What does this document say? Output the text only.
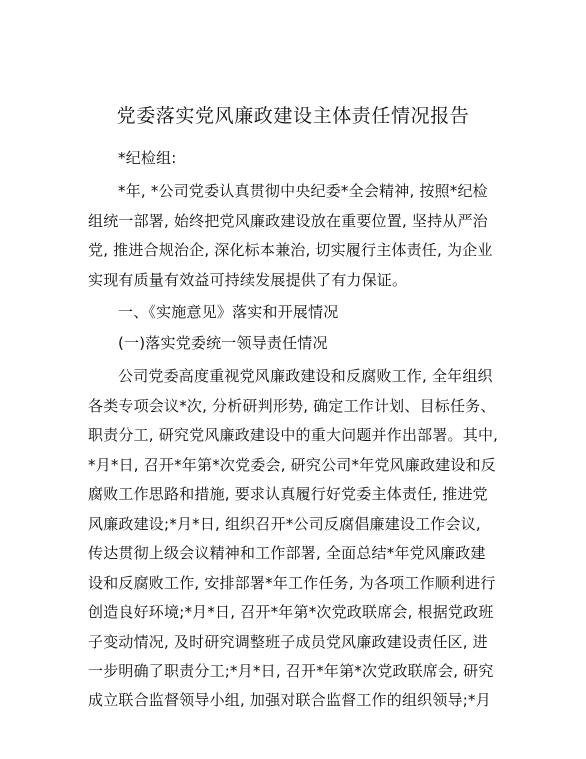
党委落实党风廉政建设主体责任情况报告
*纪检组:
*年, *公司党委认真贯彻中央纪委*全会精神, 按照*纪检
组统一部署, 始终把党风廉政建设放在重要位置, 坚持从严治
党, 推进合规治企, 深化标本兼治, 切实履行主体责任, 为企业
实现有质量有效益可持续发展提供了有力保证。
一、《实施意见》落实和开展情况
(一)落实党委统一领导责任情况
公司党委高度重视党风廉政建设和反腐败工作, 全年组织
各类专项会议*次, 分析研判形势, 确定工作计划、目标任务、
职责分工, 研究党风廉政建设中的重大问题并作出部署。其中,
*月*日, 召开*年第*次党委会, 研究公司*年党风廉政建设和反
腐败工作思路和措施, 要求认真履行好党委主体责任, 推进党
风廉政建设;*月*日, 组织召开*公司反腐倡廉建设工作会议,
传达贯彻上级会议精神和工作部署, 全面总结*年党风廉政建
设和反腐败工作, 安排部署*年工作任务, 为各项工作顺利进行
创造良好环境;*月*日, 召开*年第*次党政联席会, 根据党政班
子变动情况, 及时研究调整班子成员党风廉政建设责任区, 进
一步明确了职责分工;*月*日, 召开*年第*次党政联席会, 研究
成立联合监督领导小组, 加强对联合监督工作的组织领导;*月
